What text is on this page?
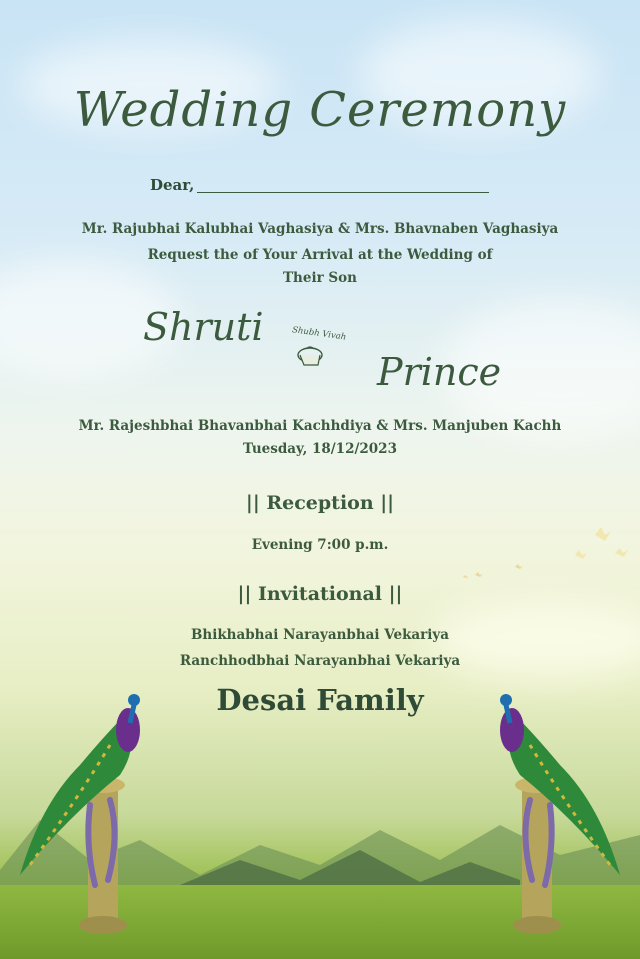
Wedding Ceremony
Dear,
Mr. Rajubhai Kalubhai Vaghasiya & Mrs. Bhavnaben Vaghasiya
Request the of Your Arrival at the Wedding of
Their Son
Shruti	Shubh Vivah
Prince
Mr. Rajeshbhai Bhavanbhai Kachhdiya & Mrs. Manjuben Kachh
Tuesday, 18/12/2023
|| Reception ||
Evening 7:00 p.m.
|| Invitational ||
Bhikhabhai Narayanbhai Vekariya
Ranchhodbhai Narayanbhai Vekariya
Desai Family
